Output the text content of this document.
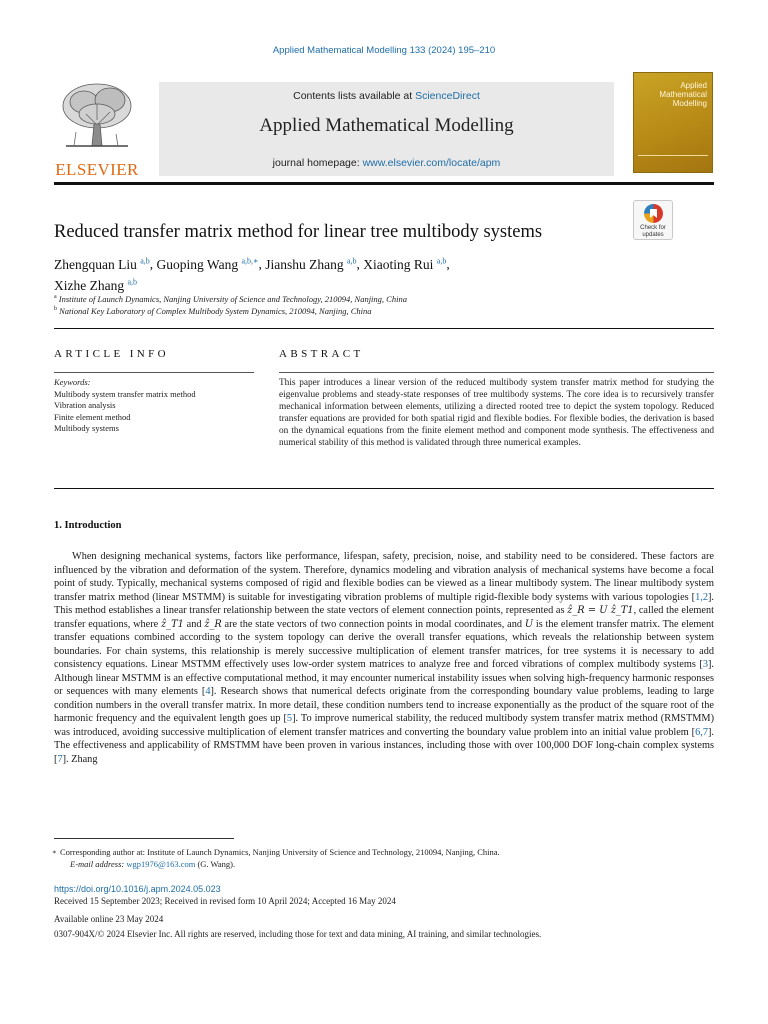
Applied Mathematical Modelling 133 (2024) 195–210
ELSEVIER
Contents lists available at ScienceDirect
Applied Mathematical Modelling
journal homepage: www.elsevier.com/locate/apm
Applied
Mathematical
Modelling
Reduced transfer matrix method for linear tree multibody systems	Check for
updates
Zhengquan Liu $^{a,b}$, Guoping Wang $^{a,b,∗}$, Jianshu Zhang $^{a,b}$, Xiaoting Rui $^{a,b}$,
Xizhe Zhang $^{a,b}$
$^a$ Institute of Launch Dynamics, Nanjing University of Science and Technology, 210094, Nanjing, China
$^b$ National Key Laboratory of Complex Multibody System Dynamics, 210094, Nanjing, China
ARTICLE INFO	ABSTRACT
Keywords:
Multibody system transfer matrix method
Vibration analysis
Finite element method
Multibody systems
This paper introduces a linear version of the reduced multibody system transfer matrix method for studying the eigenvalue problems and steady-state responses of tree multibody systems. The core idea is to recursively transfer mechanical information between elements, utilizing a directed rooted tree to depict the system topology. Reduced transfer equations are provided for both spatial rigid and flexible bodies. For flexible bodies, the derivation is based on the dynamical equations from the finite element method and component mode synthesis. The effectiveness and numerical stability of this method is validated through three numerical examples.
1. Introduction
When designing mechanical systems, factors like performance, lifespan, safety, precision, noise, and stability need to be considered. These factors are influenced by the vibration and deformation of the system. Therefore, dynamics modeling and vibration analysis of mechanical systems have become a focal point of study. Typically, mechanical systems composed of rigid and flexible bodies can be viewed as a linear multibody system. The linear multibody system transfer matrix method (linear MSTMM) is suitable for investigating vibration problems of multiple rigid-flexible body systems with various topologies [1,2]. This method establishes a linear transfer relationship between the state vectors of element connection points, represented as ẑ_R = U ẑ_T1, called the element transfer equations, where ẑ_T1 and ẑ_R are the state vectors of two connection points in modal coordinates, and U is the element transfer matrix. The element transfer equations combined according to the system topology can derive the overall transfer equations, which reveals the relationship between system boundaries. For chain systems, this relationship is merely successive multiplication of element transfer matrices, for tree systems it is necessary to add consistency equations. Linear MSTMM effectively uses low-order system matrices to analyze free and forced vibrations of complex multibody systems [3]. Although linear MSTMM is an effective computational method, it may encounter numerical instability issues when solving high-frequency harmonic responses or sequences with many elements [4]. Research shows that numerical defects originate from the corresponding boundary value problems, leading to large condition numbers in the overall transfer matrix. In more detail, these condition numbers tend to increase exponentially as the product of the square root of the harmonic frequency and the equivalent length goes up [5]. To improve numerical stability, the reduced multibody system transfer matrix method (RMSTMM) was introduced, avoiding successive multiplication of element transfer matrices and converting the boundary value problem into an initial value problem [6,7]. The effectiveness and applicability of RMSTMM have been proven in various instances, including those with over 100,000 DOF long-chain complex systems [7]. Zhang
∗ Corresponding author at: Institute of Launch Dynamics, Nanjing University of Science and Technology, 210094, Nanjing, China.
E-mail address: wgp1976@163.com (G. Wang).
https://doi.org/10.1016/j.apm.2024.05.023
Received 15 September 2023; Received in revised form 10 April 2024; Accepted 16 May 2024
Available online 23 May 2024
0307-904X/© 2024 Elsevier Inc. All rights are reserved, including those for text and data mining, AI training, and similar technologies.
